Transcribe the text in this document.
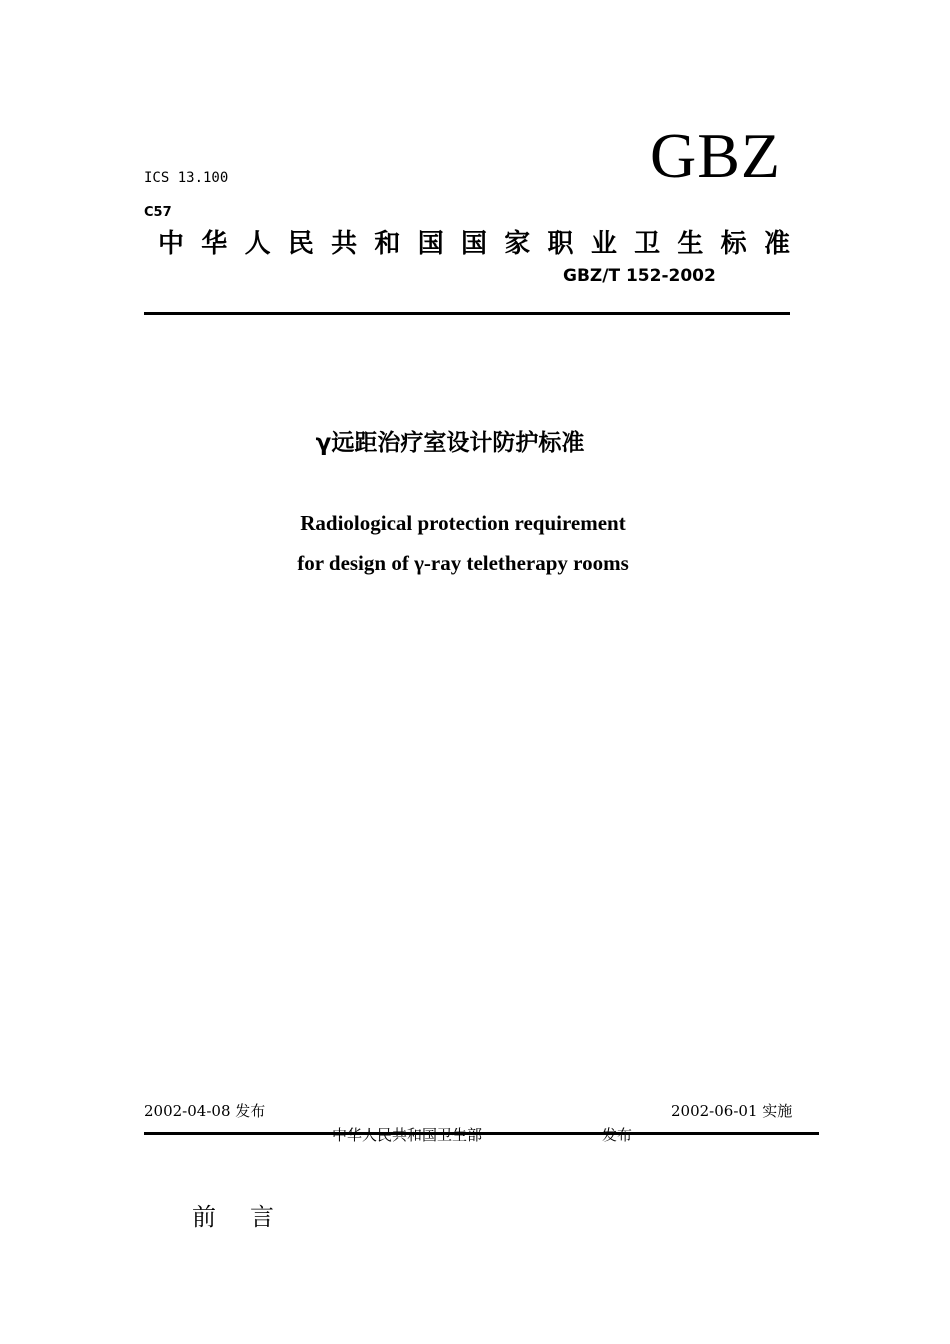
ICS 13.100	GBZ
C57
中 华 人 民 共 和 国 国 家 职 业 卫 生 标 准
GBZ/T 152-2002
γ远距治疗室设计防护标准
Radiological protection requirement
for design of γ-ray teletherapy rooms
2002-04-08 发布	2002-06-01 实施
中华人民共和国卫生部	发布
前言
